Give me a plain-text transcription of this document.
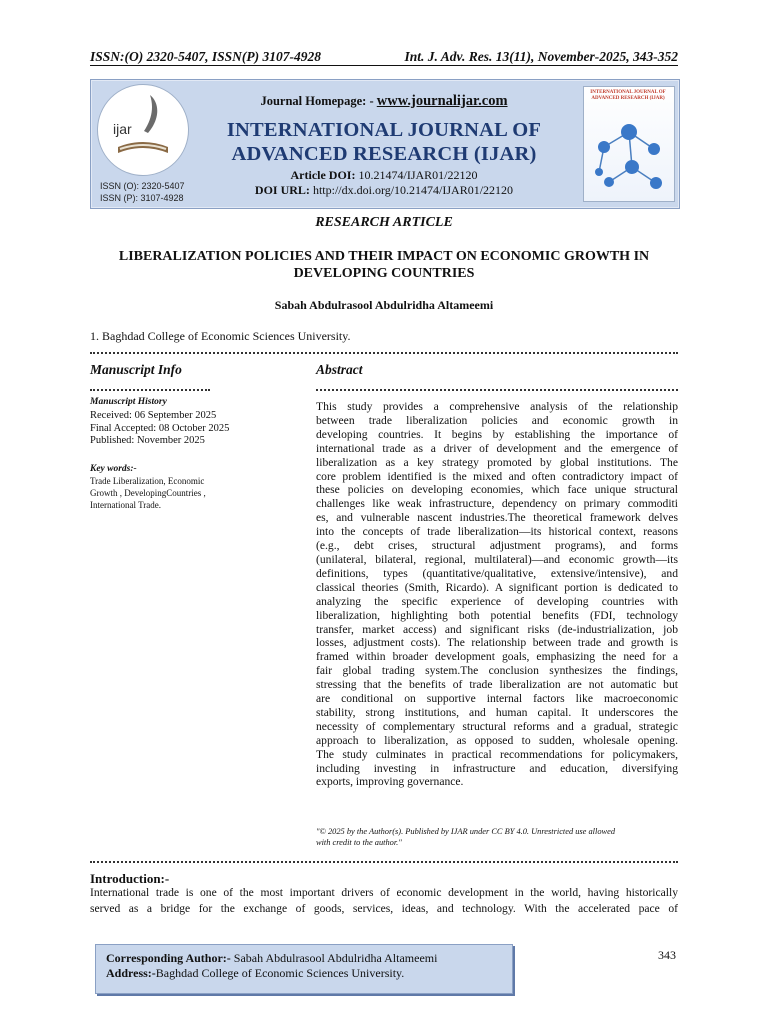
ISSN:(O) 2320-5407, ISSN(P) 3107-4928	Int. J. Adv. Res. 13(11), November-2025, 343-352
ijar
ISSN (O): 2320-5407
ISSN (P): 3107-4928
Journal Homepage: - www.journalijar.com
INTERNATIONAL JOURNAL OF
ADVANCED RESEARCH (IJAR)
Article DOI: 10.21474/IJAR01/22120
DOI URL: http://dx.doi.org/10.21474/IJAR01/22120
INTERNATIONAL JOURNAL OF ADVANCED RESEARCH (IJAR)
RESEARCH ARTICLE
LIBERALIZATION POLICIES AND THEIR IMPACT ON ECONOMIC GROWTH IN
DEVELOPING COUNTRIES
Sabah Abdulrasool Abdulridha Altameemi
1. Baghdad College of Economic Sciences University.
Manuscript Info
Manuscript History
Received: 06 September 2025
Final Accepted: 08 October 2025
Published: November 2025
Key words:-
Trade Liberalization, Economic
Growth , DevelopingCountries ,
International Trade.
Abstract
This study provides a comprehensive analysis of the relationship
between trade liberalization policies and economic growth in
developing countries. It begins by establishing the importance of
international trade as a driver of development and the emergence of
liberalization as a key strategy promoted by global institutions. The
core problem identified is the mixed and often contradictory impact of
these policies on developing economies, which face unique structural
challenges like weak infrastructure, dependency on primary commoditi
es, and vulnerable nascent industries.The theoretical framework delves
into the concepts of trade liberalization—its historical context, reasons
(e.g., debt crises, structural adjustment programs), and forms
(unilateral, bilateral, regional, multilateral)—and economic growth—its
definitions, types (quantitative/qualitative, extensive/intensive), and
classical theories (Smith, Ricardo). A significant portion is dedicated to
analyzing the specific experience of developing countries with
liberalization, highlighting both potential benefits (FDI, technology
transfer, market access) and significant risks (de-industrialization, job
losses, adjustment costs). The relationship between trade and growth is
framed within broader development goals, emphasizing the need for a
fair global trading system.The conclusion synthesizes the findings,
stressing that the benefits of trade liberalization are not automatic but
are conditional on supportive internal factors like macroeconomic
stability, strong institutions, and human capital. It underscores the
necessity of complementary structural reforms and a gradual, strategic
approach to liberalization, as opposed to sudden, wholesale opening.
The study culminates in practical recommendations for policymakers,
including investing in infrastructure and education, diversifying
exports, improving governance.
"© 2025 by the Author(s). Published by IJAR under CC BY 4.0. Unrestricted use allowed
with credit to the author."
Introduction:-
International trade is one of the most important drivers of economic development in the world, having historically
served as a bridge for the exchange of goods, services, ideas, and technology. With the accelerated pace of
Corresponding Author:- Sabah Abdulrasool Abdulridha Altameemi
Address:-Baghdad College of Economic Sciences University.
343
